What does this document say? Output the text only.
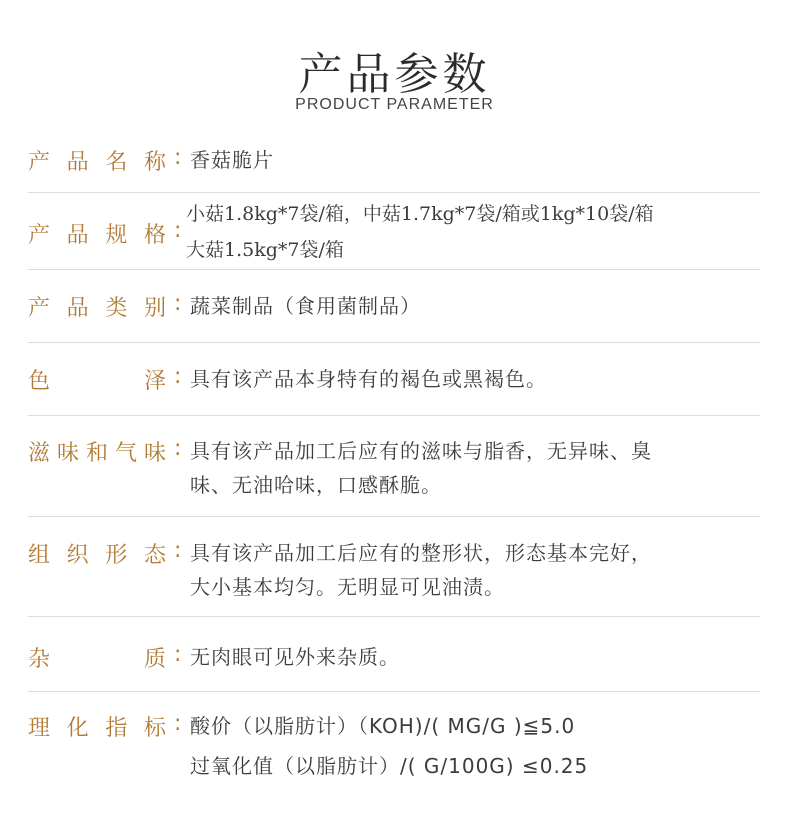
产品参数
PRODUCT PARAMETER
产 品 名 称 : 香菇脆片
产 品 规 格 :
小菇1.8kg*7袋/箱，中菇1.7kg*7袋/箱或1kg*10袋/箱
大菇1.5kg*7袋/箱
产 品 类 别 : 蔬菜制品（食用菌制品）
色	泽 : 具有该产品本身特有的褐色或黑褐色。
滋 味 和 气 味 : 具有该产品加工后应有的滋味与脂香，无异味、臭
味、无油哈味，口感酥脆。
组 织 形 态 : 具有该产品加工后应有的整形状，形态基本完好，
大小基本均匀。无明显可见油渍。
杂	质 : 无肉眼可见外来杂质。
理 化 指 标 : 酸价（以脂肪计）（KOH)/( MG/G )≦5.0
过氧化值（以脂肪计）/( G/100G) ≤0.25
